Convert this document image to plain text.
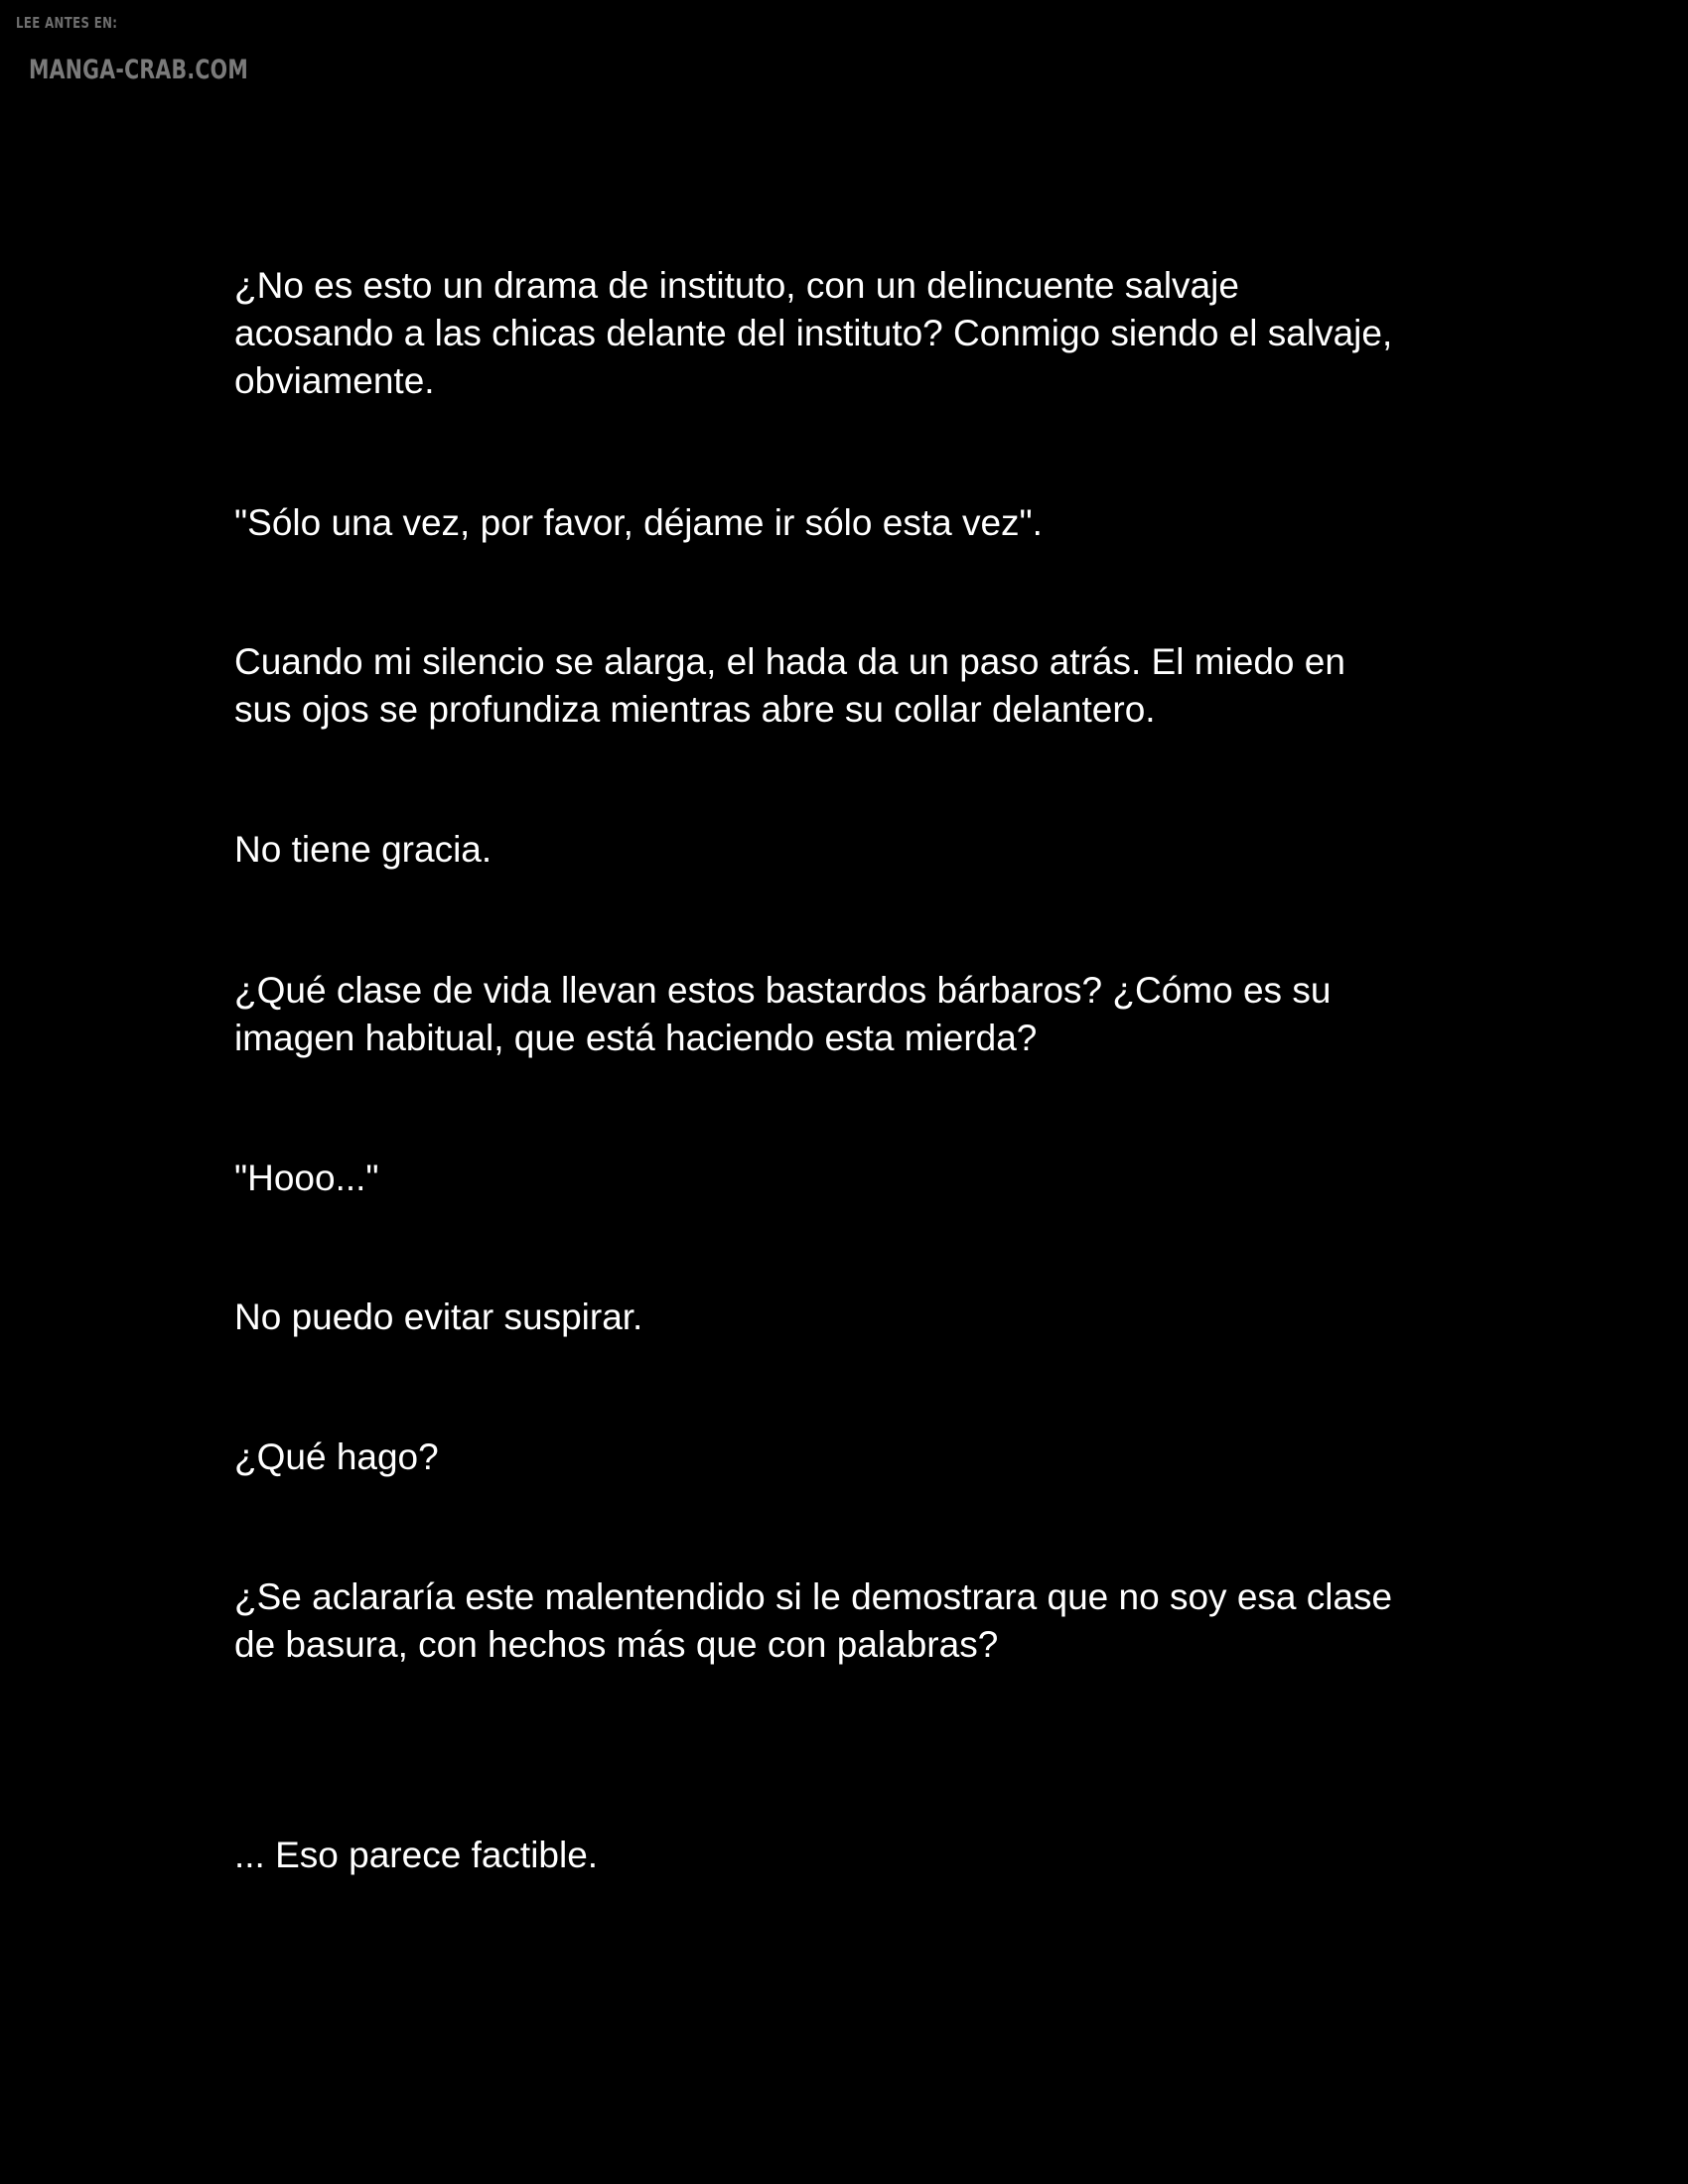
LEE ANTES EN:
MANGA-CRAB.COM

¿No es esto un drama de instituto, con un delincuente salvaje
acosando a las chicas delante del instituto? Conmigo siendo el salvaje,
obviamente.

"Sólo una vez, por favor, déjame ir sólo esta vez".

Cuando mi silencio se alarga, el hada da un paso atrás. El miedo en
sus ojos se profundiza mientras abre su collar delantero.

No tiene gracia.

¿Qué clase de vida llevan estos bastardos bárbaros? ¿Cómo es su
imagen habitual, que está haciendo esta mierda?

"Hooo..."

No puedo evitar suspirar.

¿Qué hago?

¿Se aclararía este malentendido si le demostrara que no soy esa clase
de basura, con hechos más que con palabras?

... Eso parece factible.
